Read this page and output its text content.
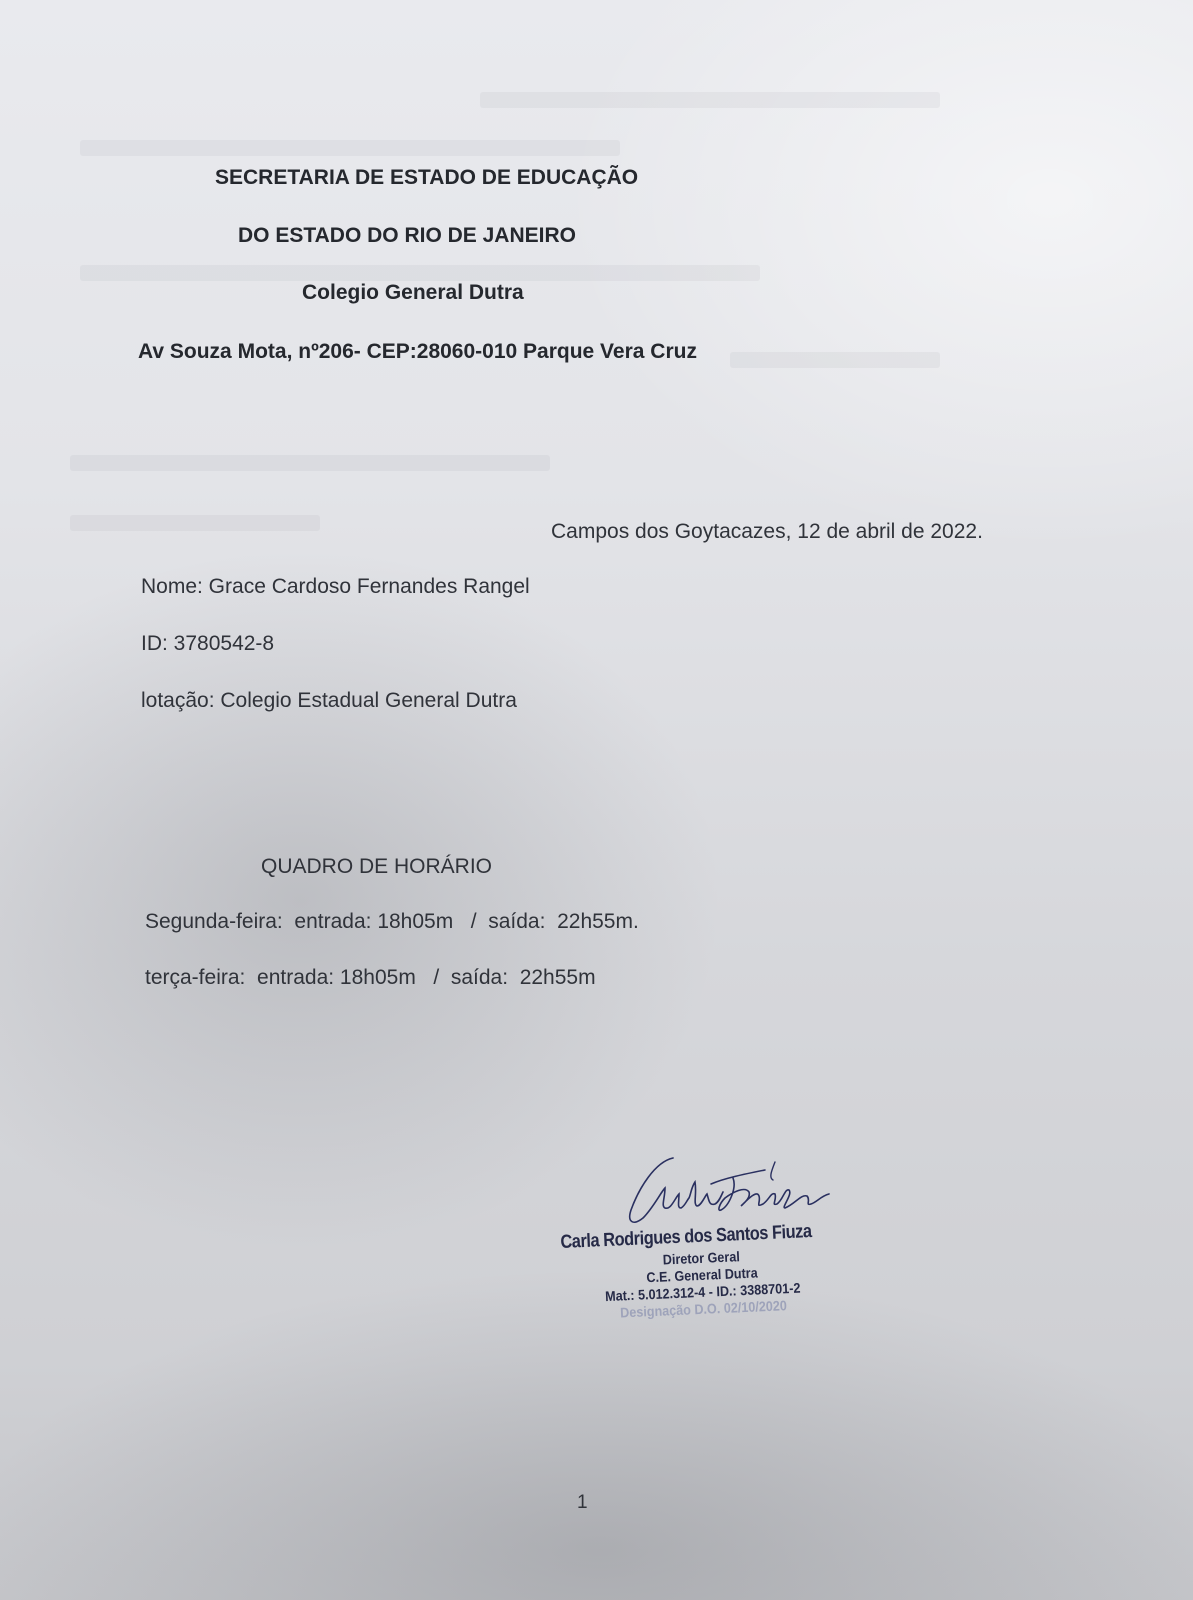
SECRETARIA DE ESTADO DE EDUCAÇÃO
DO ESTADO DO RIO DE JANEIRO
Colegio General Dutra
Av Souza Mota, nº206- CEP:28060-010 Parque Vera Cruz
Campos dos Goytacazes, 12 de abril de 2022.
Nome: Grace Cardoso Fernandes Rangel
ID: 3780542-8
lotação: Colegio Estadual General Dutra
QUADRO DE HORÁRIO
Segunda-feira:  entrada: 18h05m   /  saída:  22h55m.
terça-feira:  entrada: 18h05m   /  saída:  22h55m
Carla Rodrigues dos Santos Fiuza
Diretor Geral
C.E. General Dutra
Mat.: 5.012.312-4 - ID.: 3388701-2
Designação D.O. 02/10/2020
1
